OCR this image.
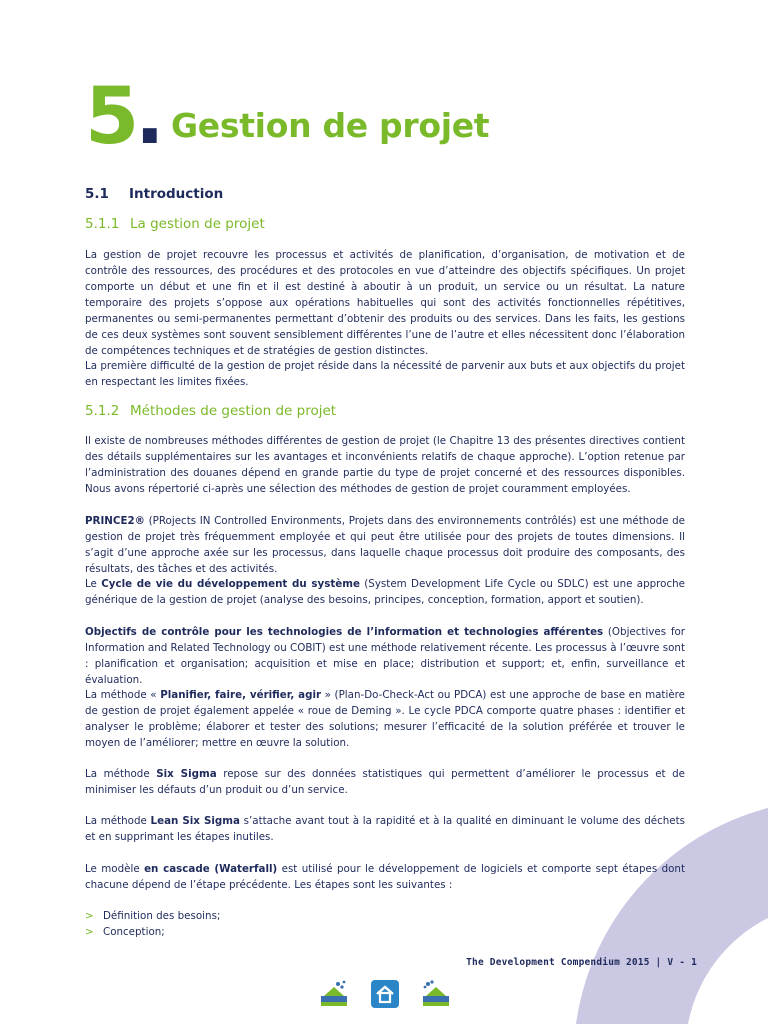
5
. Gestion de projet
5.1 Introduction
5.1.1 La gestion de projet

La gestion de projet recouvre les processus et activités de planification, d’organisation, de motivation et de contrôle des ressources, des procédures et des protocoles en vue d’atteindre des objectifs spécifiques. Un projet comporte un début et une fin et il est destiné à aboutir à un produit, un service ou un résultat. La nature temporaire des projets s’oppose aux opérations habituelles qui sont des activités fonctionnelles répétitives, permanentes ou semi-permanentes permettant d’obtenir des produits ou des services. Dans les faits, les gestions de ces deux systèmes sont souvent sensiblement différentes l’une de l’autre et elles nécessitent donc l’élaboration de compétences techniques et de stratégies de gestion distinctes.

La première difficulté de la gestion de projet réside dans la nécessité de parvenir aux buts et aux objectifs du projet en respectant les limites fixées.

5.1.2 Méthodes de gestion de projet

Il existe de nombreuses méthodes différentes de gestion de projet (le Chapitre 13 des présentes directives contient des détails supplémentaires sur les avantages et inconvénients relatifs de chaque approche). L’option retenue par l’administration des douanes dépend en grande partie du type de projet concerné et des ressources disponibles. Nous avons répertorié ci-après une sélection des méthodes de gestion de projet couramment employées.

PRINCE2® (PRojects IN Controlled Environments, Projets dans des environnements contrôlés) est une méthode de gestion de projet très fréquemment employée et qui peut être utilisée pour des projets de toutes dimensions. Il s’agit d’une approche axée sur les processus, dans laquelle chaque processus doit produire des composants, des résultats, des tâches et des activités.

Le Cycle de vie du développement du système (System Development Life Cycle ou SDLC) est une approche générique de la gestion de projet (analyse des besoins, principes, conception, formation, apport et soutien).

Objectifs de contrôle pour les technologies de l’information et technologies afférentes (Objectives for Information and Related Technology ou COBIT) est une méthode relativement récente. Les processus à l’œuvre sont : planification et organisation; acquisition et mise en place; distribution et support; et, enfin, surveillance et évaluation.

La méthode « Planifier, faire, vérifier, agir » (Plan-Do-Check-Act ou PDCA) est une approche de base en matière de gestion de projet également appelée « roue de Deming ». Le cycle PDCA comporte quatre phases : identifier et analyser le problème; élaborer et tester des solutions; mesurer l’efficacité de la solution préférée et trouver le moyen de l’améliorer; mettre en œuvre la solution.

La méthode Six Sigma repose sur des données statistiques qui permettent d’améliorer le processus et de minimiser les défauts d’un produit ou d’un service.

La méthode Lean Six Sigma s’attache avant tout à la rapidité et à la qualité en diminuant le volume des déchets et en supprimant les étapes inutiles.

Le modèle en cascade (Waterfall) est utilisé pour le développement de logiciels et comporte sept étapes dont chacune dépend de l’étape précédente. Les étapes sont les suivantes :

> Définition des besoins;
> Conception;
The Development Compendium 2015 | V - 1
